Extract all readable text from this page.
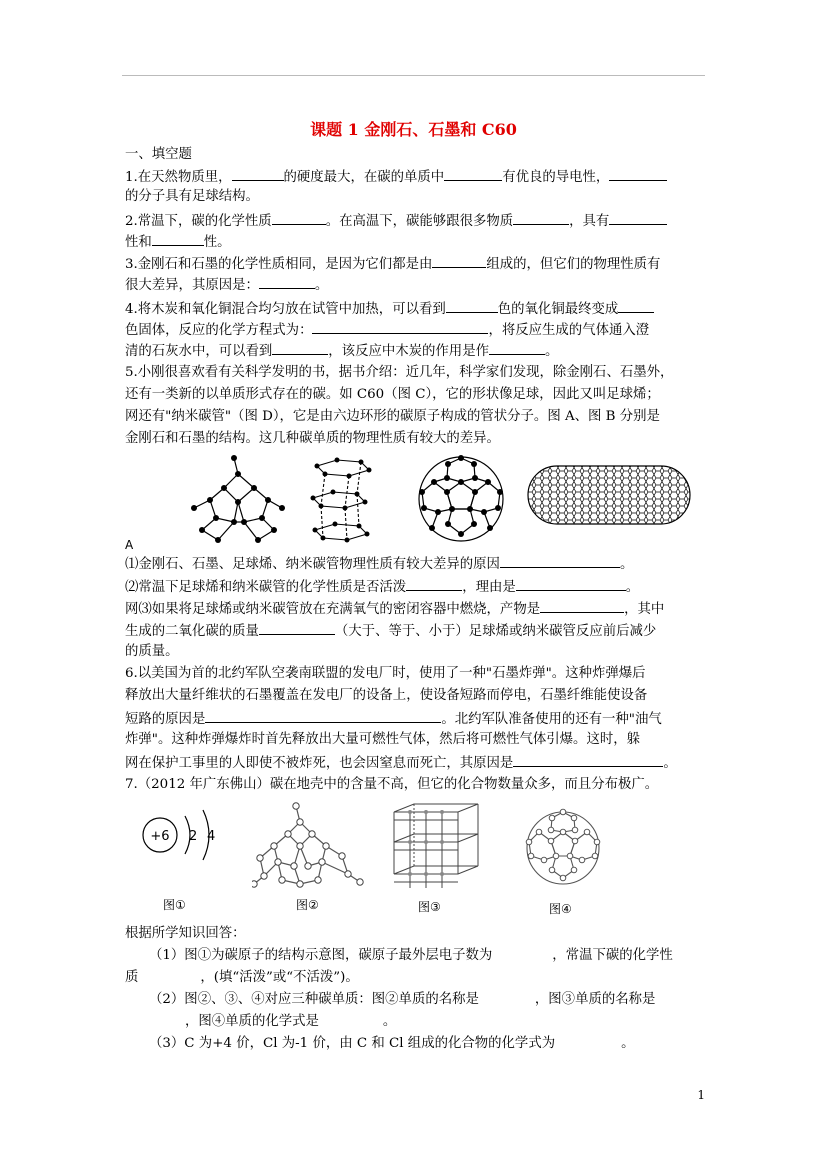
课题 1 金刚石、石墨和 C60
一、填空题
1.在天然物质里，	的硬度最大，在碳的单质中	有优良的导电性，
的分子具有足球结构。
2.常温下，碳的化学性质	。在高温下，碳能够跟很多物质	，具有
性和	性。
3.金刚石和石墨的化学性质相同，是因为它们都是由	组成的，但它们的物理性质有
很大差异，其原因是：	。
4.将木炭和氧化铜混合均匀放在试管中加热，可以看到	色的氧化铜最终变成
色固体，反应的化学方程式为：	，将反应生成的气体通入澄
清的石灰水中，可以看到	，该反应中木炭的作用是作	。
5.小刚很喜欢看有关科学发明的书，据书介绍：近几年，科学家们发现，除金刚石、石墨外，
还有一类新的以单质形式存在的碳。如 C60（图 C），它的形状像足球，因此又叫足球烯；
网还有"纳米碳管"（图 D），它是由六边环形的碳原子构成的管状分子。图 A、图 B 分别是
金刚石和石墨的结构。这几种碳单质的物理性质有较大的差异。
A
⑴金刚石、石墨、足球烯、纳米碳管物理性质有较大差异的原因	。
⑵常温下足球烯和纳米碳管的化学性质是否活泼	，理由是	。
网⑶如果将足球烯或纳米碳管放在充满氧气的密闭容器中燃烧，产物是	，其中
生成的二氧化碳的质量	（大于、等于、小于）足球烯或纳米碳管反应前后减少
的质量。
6.以美国为首的北约军队空袭南联盟的发电厂时，使用了一种"石墨炸弹"。这种炸弹爆后
释放出大量纤维状的石墨覆盖在发电厂的设备上，使设备短路而停电，石墨纤维能使设备
短路的原因是	。北约军队准备使用的还有一种"油气
炸弹"。这种炸弹爆炸时首先释放出大量可燃性气体，然后将可燃性气体引爆。这时，躲
网在保护工事里的人即使不被炸死，也会因窒息而死亡，其原因是	。
7.（2012 年广东佛山）碳在地壳中的含量不高，但它的化合物数量众多，而且分布极广。
+6 2 4
图①	图②	图③	图④
根据所学知识回答：
（1）图①为碳原子的结构示意图，碳原子最外层电子数为	，常温下碳的化学性
质	，(填“活泼”或“不活泼”)。
（2）图②、③、④对应三种碳单质：图②单质的名称是	，图③单质的名称是
，图④单质的化学式是	。
（3）C 为+4 价，Cl 为-1 价，由 C 和 Cl 组成的化合物的化学式为	。
1
